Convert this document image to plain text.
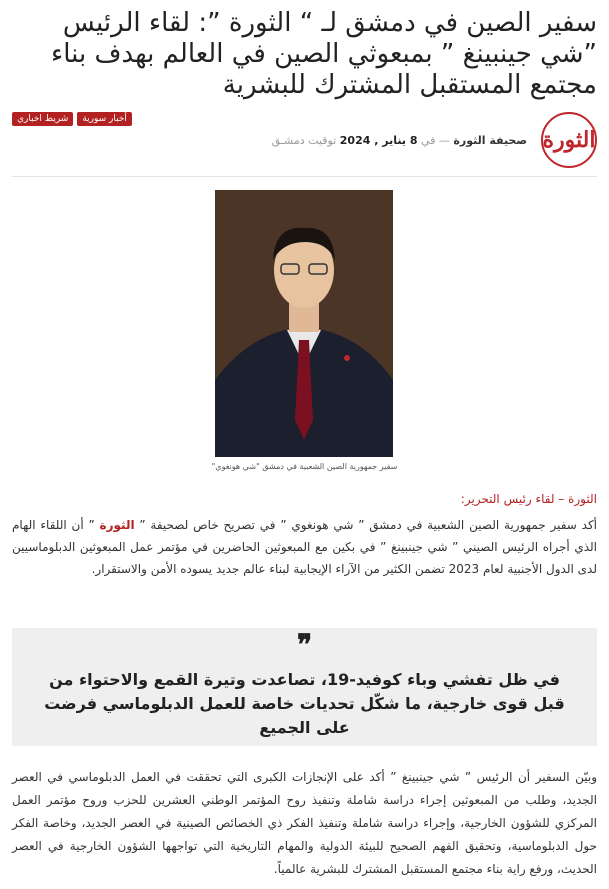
سفير الصين في دمشق لـ “ الثورة ”: لقاء الرئيس ”شي جينبينغ ” بمبعوثي الصين في العالم بهدف بناء مجتمع المستقبل المشترك للبشرية
الثورة
صحيفة الثورة — في 8 يناير , 2024 توقيت دمشـق
أخبار سورية
شريط اخباري
سفير جمهورية الصين الشعبية في دمشق "شي هونغوي"
الثورة – لقاء رئيس التحرير:

أكد سفير جمهورية الصين الشعبية في دمشق ” شي هونغوي ” في تصريح خاص لصحيفة ” الثورة ” أن اللقاء الهام الذي أجراه الرئيس الصيني ” شي جينبينغ ” في بكين مع المبعوثين الحاضرين في مؤتمر عمل المبعوثين الدبلوماسيين لدى الدول الأجنبية لعام 2023 تضمن الكثير من الآراء الإيجابية لبناء عالم جديد يسوده الأمن والاستقرار.

❞
في ظل تفشي وباء كوفيد-19، تصاعدت وتيرة القمع والاحتواء من قبل قوى خارجية، ما شكّل تحديات خاصة للعمل الدبلوماسي فرضت على الجميع

وبيّن السفير أن الرئيس ” شي جينبينغ ” أكد على الإنجازات الكبرى التي تحققت في العمل الدبلوماسي في العصر الجديد، وطلب من المبعوثين إجراء دراسة شاملة وتنفيذ روح المؤتمر الوطني العشرين للحزب وروح مؤتمر العمل المركزي للشؤون الخارجية، وإجراء دراسة شاملة وتنفيذ الفكر ذي الخصائص الصينية في العصر الجديد، وخاصة الفكر حول الدبلوماسية، وتحقيق الفهم الصحيح للبيئة الدولية والمهام التاريخية التي تواجهها الشؤون الخارجية في العصر الحديث، ورفع راية بناء مجتمع المستقبل المشترك للبشرية عالمياً.
